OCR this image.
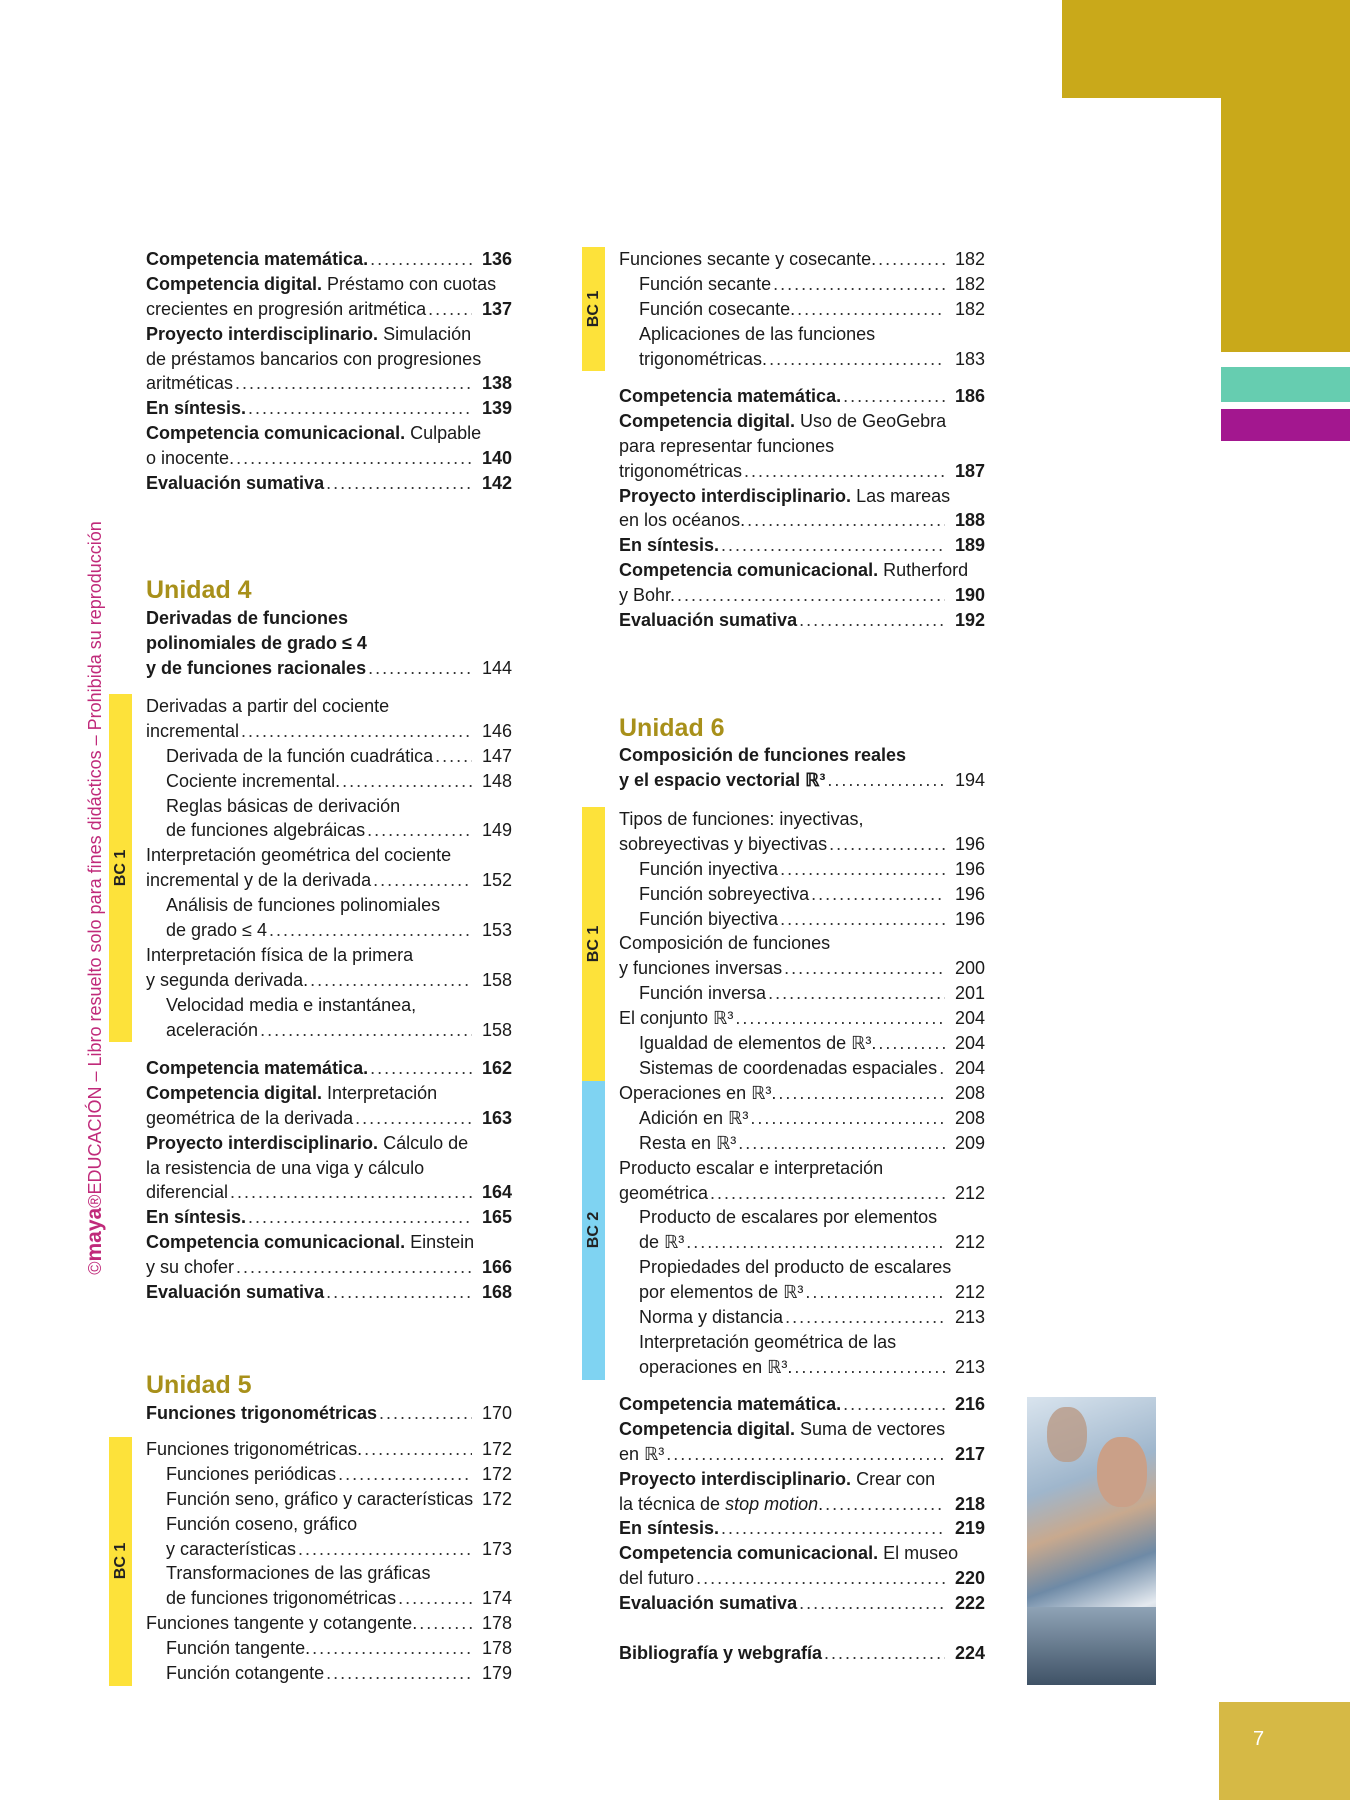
7
©maya®EDUCACIÓN – Libro resuelto solo para fines didácticos – Prohibida su reproducción
Competencia matemática. .....	136
Competencia digital. Préstamo con cuotas
crecientes en progresión aritmética .....	137
Proyecto interdisciplinario. Simulación
de préstamos bancarios con progresiones
aritméticas .....	138
En síntesis. .....	139
Competencia comunicacional. Culpable
o inocente. .....	140
Evaluación sumativa .....	142
Unidad 4
Derivadas de funciones
polinomiales de grado ≤ 4
y de funciones racionales .....	144
BC 1
Derivadas a partir del cociente
incremental .....	146
Derivada de la función cuadrática .....	147
Cociente incremental. .....	148
Reglas básicas de derivación
de funciones algebráicas .....	149
Interpretación geométrica del cociente
incremental y de la derivada .....	152
Análisis de funciones polinomiales
de grado ≤ 4 .....	153
Interpretación física de la primera
y segunda derivada. .....	158
Velocidad media e instantánea,
aceleración .....	158
Competencia matemática. .....	162
Competencia digital. Interpretación
geométrica de la derivada .....	163
Proyecto interdisciplinario. Cálculo de
la resistencia de una viga y cálculo
diferencial .....	164
En síntesis. .....	165
Competencia comunicacional. Einstein
y su chofer .....	166
Evaluación sumativa .....	168
Unidad 5
Funciones trigonométricas .....	170
BC 1
Funciones trigonométricas. .....	172
Funciones periódicas .....	172
Función seno, gráfico y características 172
Función coseno, gráfico
y características .....	173
Transformaciones de las gráficas
de funciones trigonométricas .....	174
Funciones tangente y cotangente. .....	178
Función tangente. .....	178
Función cotangente .....	179
BC 1
Funciones secante y cosecante. .....	182
Función secante .....	182
Función cosecante. .....	182
Aplicaciones de las funciones
trigonométricas. .....	183
Competencia matemática. .....	186
Competencia digital. Uso de GeoGebra
para representar funciones
trigonométricas .....	187
Proyecto interdisciplinario. Las mareas
en los océanos. .....	188
En síntesis. .....	189
Competencia comunicacional. Rutherford
y Bohr. .....	190
Evaluación sumativa .....	192
Unidad 6
Composición de funciones reales
y el espacio vectorial ℝ³ .....	194
BC 1
Tipos de funciones: inyectivas,
sobreyectivas y biyectivas .....	196
Función inyectiva .....	196
Función sobreyectiva .....	196
Función biyectiva .....	196
Composición de funciones
y funciones inversas .....	200
Función inversa .....	201
El conjunto ℝ³ .....	204
Igualdad de elementos de ℝ³. .....	204
Sistemas de coordenadas espaciales ..... 204
BC 2
Operaciones en ℝ³. .....	208
Adición en ℝ³ .....	208
Resta en ℝ³ .....	209
Producto escalar e interpretación
geométrica .....	212
Producto de escalares por elementos
de ℝ³ .....	212
Propiedades del producto de escalares
por elementos de ℝ³ .....	212
Norma y distancia .....	213
Interpretación geométrica de las
operaciones en ℝ³. .....	213
Competencia matemática. .....	216
Competencia digital. Suma de vectores
en ℝ³ .....	217
Proyecto interdisciplinario. Crear con
la técnica de stop motion. .....	218
En síntesis. .....	219
Competencia comunicacional. El museo
del futuro .....	220
Evaluación sumativa .....	222
Bibliografía y webgrafía .....	224
